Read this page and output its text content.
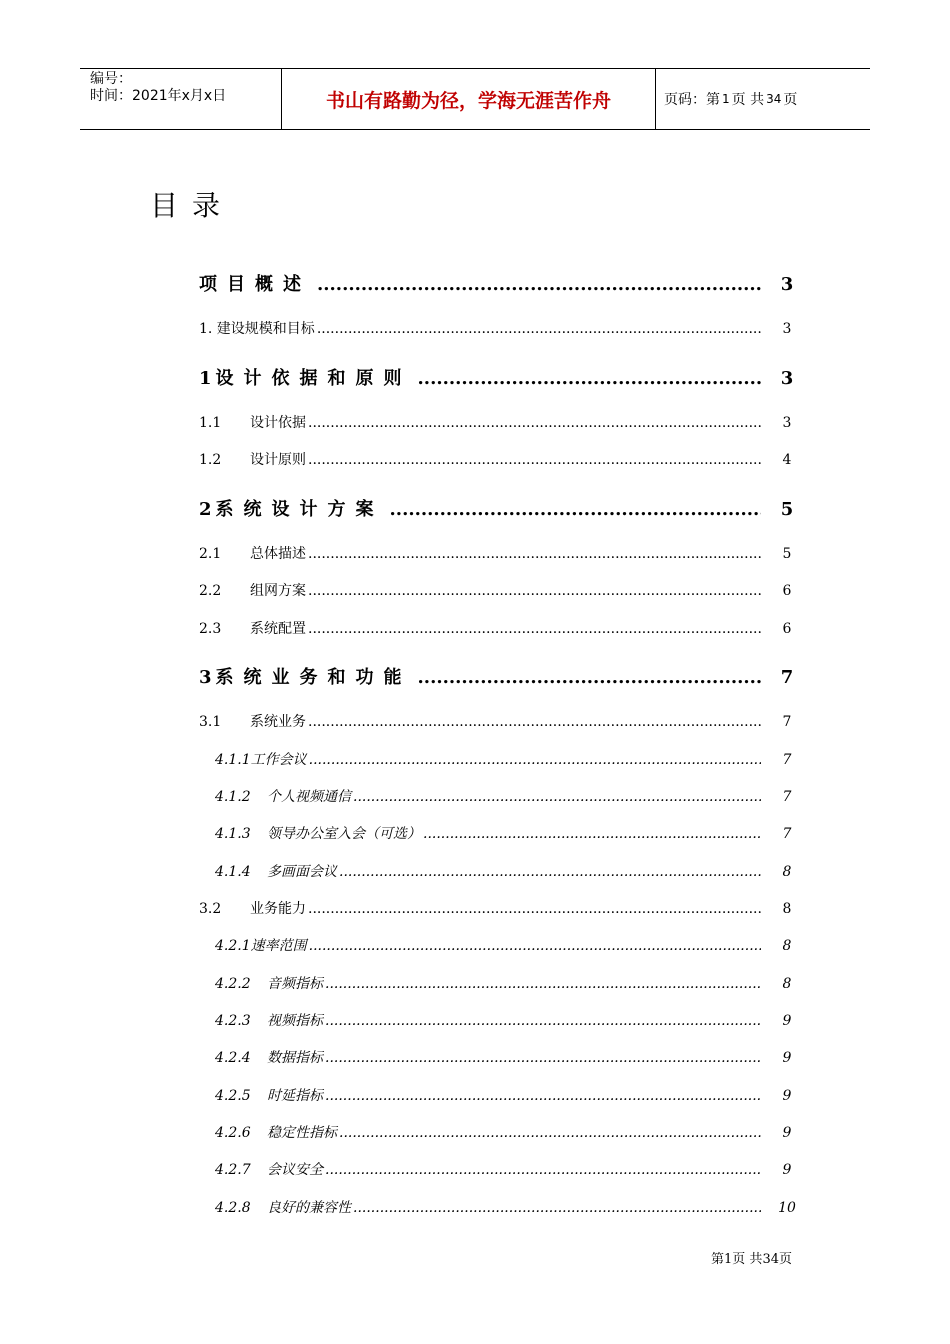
编号：
时间：2021年x月x日	书山有路勤为径，学海无涯苦作舟	页码：第 1 页 共 34 页
目录
项目概述 .....	3
1. 建设规模和目标 .....	3
1 设计依据和原则 .....	3
1.1	设计依据 .....	3
1.2	设计原则 .....	4
2 系统设计方案 .....	5
2.1	总体描述 .....	5
2.2	组网方案 .....	6
2.3	系统配置 .....	6
3 系统业务和功能 .....	7
3.1	系统业务 .....	7
4.1.1 工作会议 .....	7
4.1.2	个人视频通信 .....	7
4.1.3	领导办公室入会（可选） .....	7
4.1.4	多画面会议 .....	8
3.2	业务能力 .....	8
4.2.1 速率范围 .....	8
4.2.2	音频指标 .....	8
4.2.3	视频指标 .....	9
4.2.4	数据指标 .....	9
4.2.5	时延指标 .....	9
4.2.6	稳定性指标 .....	9
4.2.7	会议安全 .....	9
4.2.8	良好的兼容性 .....	10
第1页 共34页
